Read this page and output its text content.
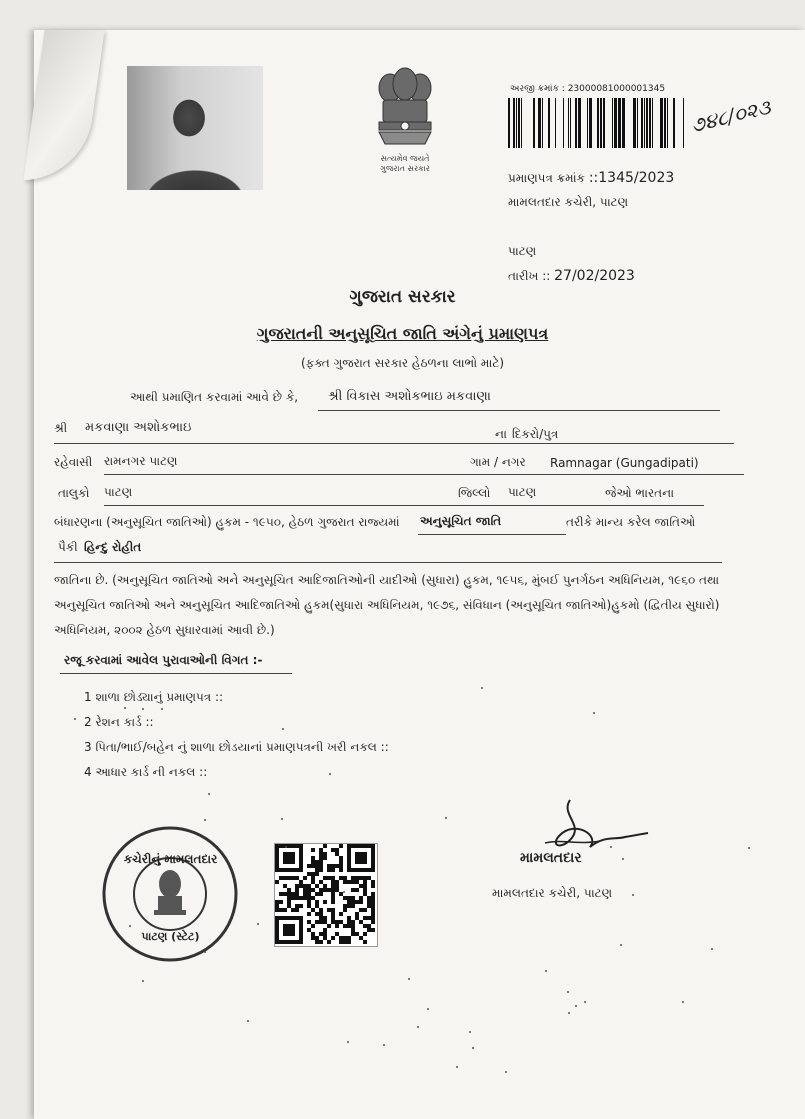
સત્યમેવ જયતે
ગુજરાત સરકાર
અરજી ક્રમાંક : 23000081000001345
૭૪૮/૦૨૩
પ્રમાણપત્ર ક્રમાંક ::1345/2023
મામલતદાર કચેરી, પાટણ
પાટણ
તારીખ :: 27/02/2023
ગુજરાત સરકાર
ગુજરાતની અનુસૂચિત જાતિ અંગેનું પ્રમાણપત્ર
(ફક્ત ગુજરાત સરકાર હેઠળના લાભો માટે)
આથી પ્રમાણિત કરવામાં આવે છે કે, શ્રી વિકાસ અશોકભાઇ મકવાણા
શ્રી મકવાણા અશોકભાઇ	ના દિકરો/પુત્ર
રહેવાસી રામનગર પાટણ	ગામ / નગર Ramnagar (Gungadipati)
તાલુકો પાટણ	જિલ્લો પાટણ	જેઓ ભારતના
બંધારણના (અનુસૂચિત જાતિઓ) હુકમ - ૧૯૫૦, હેઠળ ગુજરાત રાજ્યમાં અનુસૂચિત જાતિ	તરીકે માન્ય કરેલ જાતિઓ
પૈકી હિન્દુ રોહીત
જાતિના છે. (અનુસૂચિત જાતિઓ અને અનુસૂચિત આદિજાતિઓની યાદીઓ (સુધારા) હુકમ, ૧૯૫૬, મુંબઈ પુનર્ગઠન અધિનિયમ, ૧૯૬૦ તથા
અનુસૂચિત જાતિઓ અને અનુસૂચિત આદિજાતિઓ હુકમ(સુધારા અધિનિયમ, ૧૯૭૬, સંવિધાન (અનુસૂચિત જાતિઓ)હુકમો (દ્વિતીય સુધારો)
અધિનિયમ, ૨૦૦૨ હેઠળ સુધારવામાં આવી છે.)
રજૂ કરવામાં આવેલ પુરાવાઓની વિગત :-
1 શાળા છોડ્યાનું પ્રમાણપત્ર ::
2 રેશન કાર્ડ ::
3 પિતા/ભાઈ/બહેન નું શાળા છોડયાનાં પ્રમાણપત્રની ખરી નકલ ::
4 આધાર કાર્ડ ની નકલ ::
કચેરીનું મામલતદાર
પાટણ (સ્ટેટ)
મામલતદાર
મામલતદાર કચેરી, પાટણ
